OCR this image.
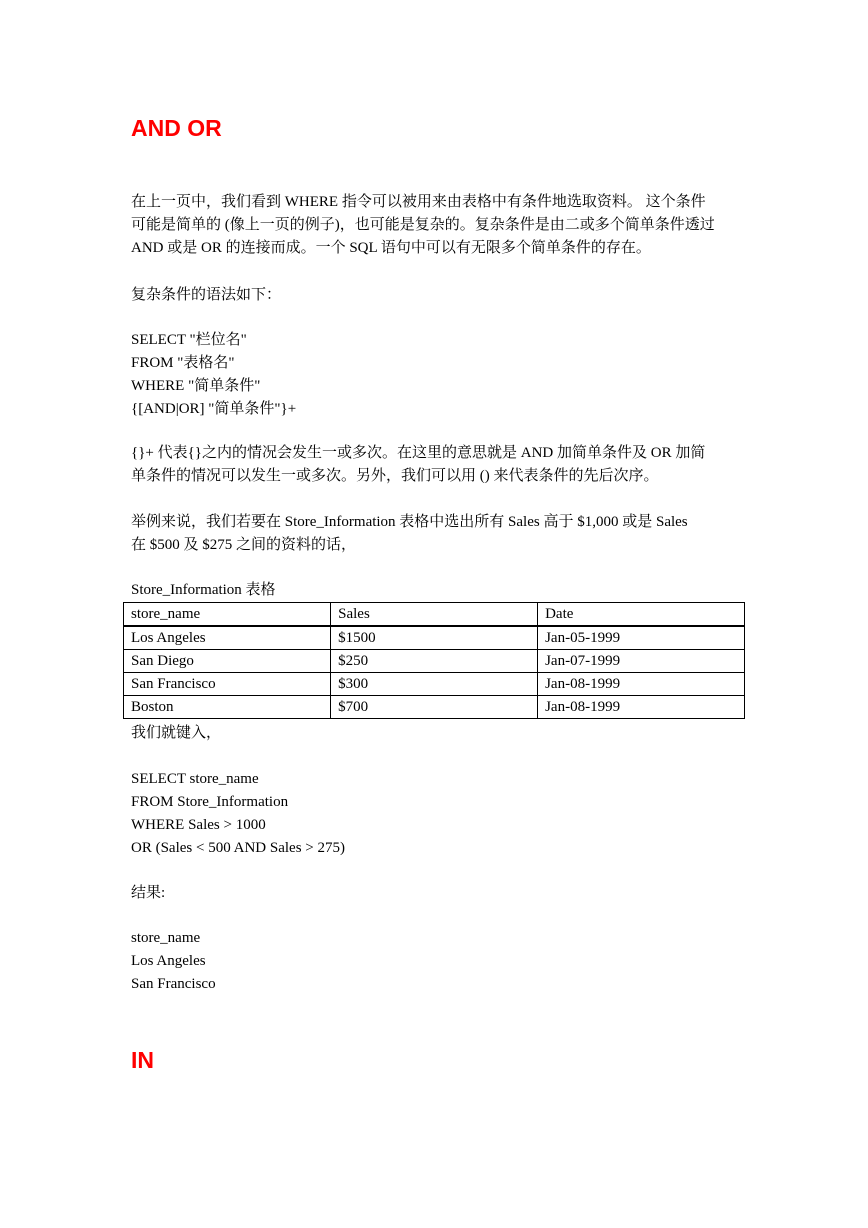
AND OR
在上一页中，我们看到 WHERE 指令可以被用来由表格中有条件地选取资料。 这个条件
可能是简单的 (像上一页的例子)，也可能是复杂的。复杂条件是由二或多个简单条件透过
AND 或是 OR 的连接而成。一个 SQL 语句中可以有无限多个简单条件的存在。
复杂条件的语法如下：
SELECT "栏位名"
FROM "表格名"
WHERE "简单条件"
{[AND|OR] "简单条件"}+
{}+ 代表{}之内的情况会发生一或多次。在这里的意思就是 AND 加简单条件及 OR 加简
单条件的情况可以发生一或多次。另外，我们可以用 () 来代表条件的先后次序。
举例来说，我们若要在 Store_Information 表格中选出所有 Sales 高于 $1,000 或是 Sales
在 $500 及 $275 之间的资料的话，
Store_Information 表格
store_name	Sales	Date
Los Angeles	$1500	Jan-05-1999
San Diego	$250	Jan-07-1999
San Francisco	$300	Jan-08-1999
Boston	$700	Jan-08-1999
我们就键入，
SELECT store_name
FROM Store_Information
WHERE Sales > 1000
OR (Sales < 500 AND Sales > 275)
结果:
store_name
Los Angeles
San Francisco
IN
